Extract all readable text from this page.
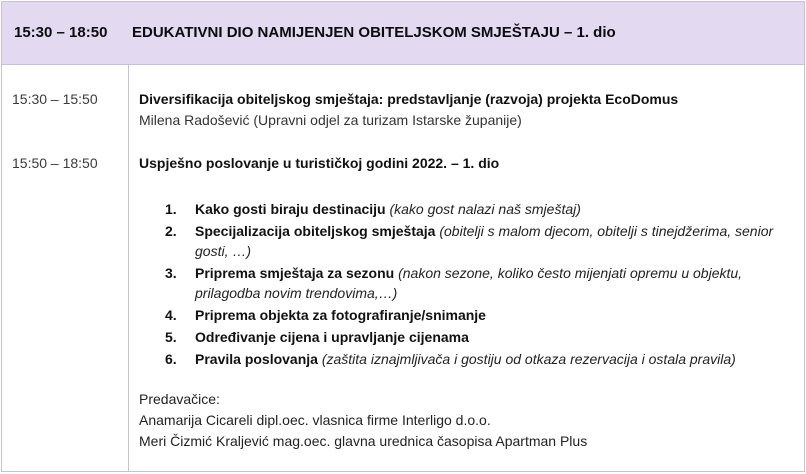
15:30 – 18:50 EDUKATIVNI DIO NAMIJENJEN OBITELJSKOM SMJEŠTAJU – 1. dio
15:30 – 15:50	Diversifikacija obiteljskog smještaja: predstavljanje (razvoja) projekta EcoDomus
Milena Radošević (Upravni odjel za turizam Istarske županije)
15:50 – 18:50	Uspješno poslovanje u turističkoj godini 2022. – 1. dio
1.	Kako gosti biraju destinaciju (kako gost nalazi naš smještaj)
2.	Specijalizacija obiteljskog smještaja (obitelji s malom djecom, obitelji s tinejdžerima, senior gosti, …)
3.	Priprema smještaja za sezonu (nakon sezone, koliko često mijenjati opremu u objektu, prilagodba novim trendovima,…)
4.	Priprema objekta za fotografiranje/snimanje
5.	Određivanje cijena i upravljanje cijenama
6.	Pravila poslovanja (zaštita iznajmljivača i gostiju od otkaza rezervacija i ostala pravila)
Predavačice:
Anamarija Cicareli dipl.oec. vlasnica firme Interligo d.o.o.
Meri Čizmić Kraljević mag.oec. glavna urednica časopisa Apartman Plus
